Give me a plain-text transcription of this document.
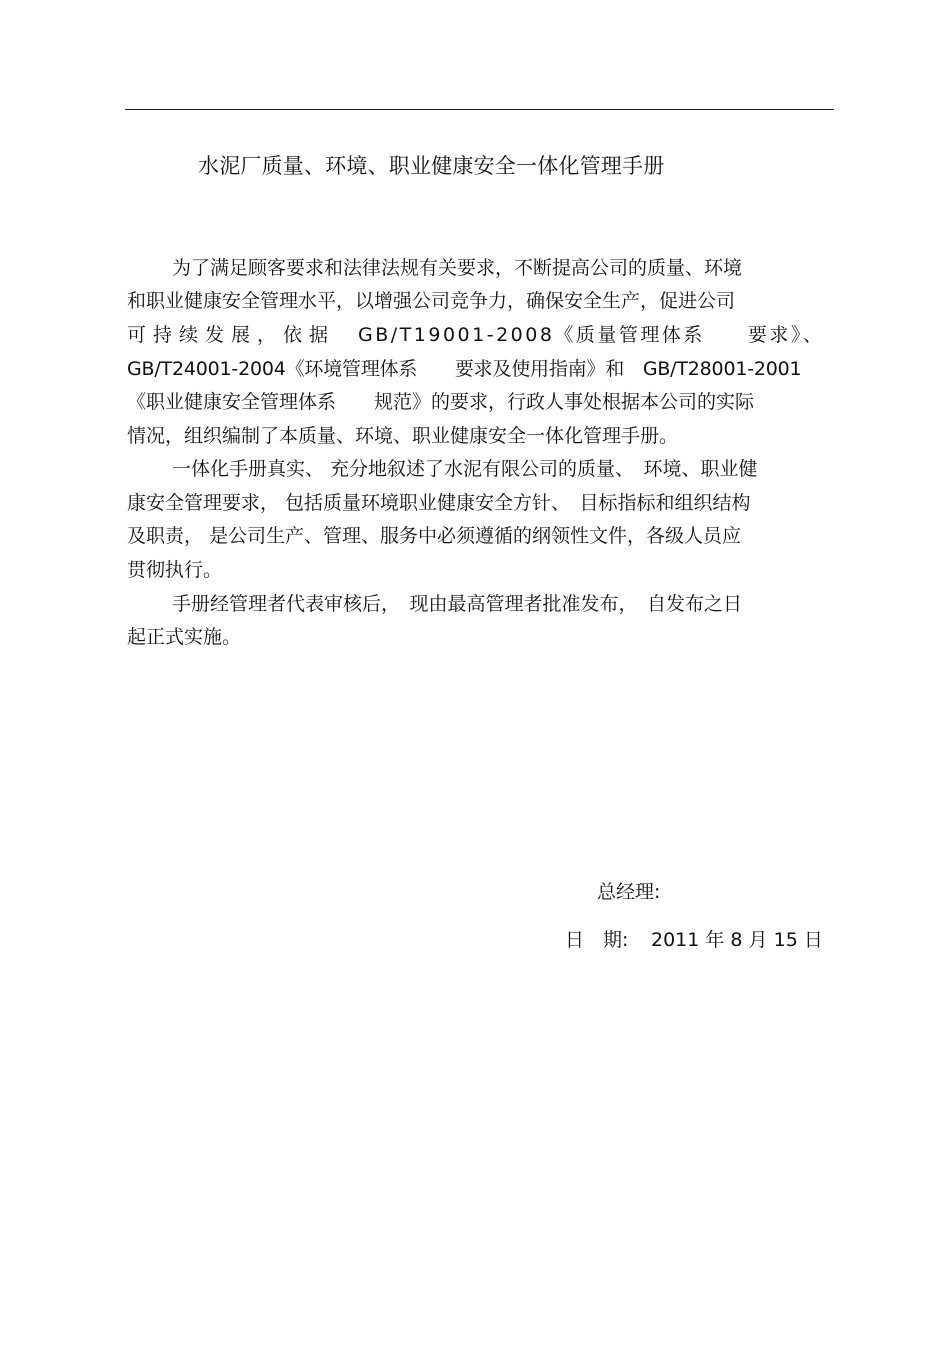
水泥厂质量、环境、职业健康安全一体化管理手册
为了满足顾客要求和法律法规有关要求，不断提高公司的质量、环境
和职业健康安全管理水平，以增强公司竞争力，确保安全生产，促进公司
可持续发展，依据 GB/T19001-2008《质量管理体系　　要求》、
GB/T24001-2004《环境管理体系　　要求及使用指南》和　GB/T28001-2001
《职业健康安全管理体系　　规范》的要求，行政人事处根据本公司的实际
情况，组织编制了本质量、环境、职业健康安全一体化管理手册。
一体化手册真实、 充分地叙述了水泥有限公司的质量、　环境、职业健
康安全管理要求， 包括质量环境职业健康安全方针、　目标指标和组织结构
及职责， 是公司生产、管理、服务中必须遵循的纲领性文件，各级人员应
贯彻执行。
手册经管理者代表审核后，　现由最高管理者批准发布，　自发布之日
起正式实施。
总经理:
日　期: 2011 年 8 月 15 日
